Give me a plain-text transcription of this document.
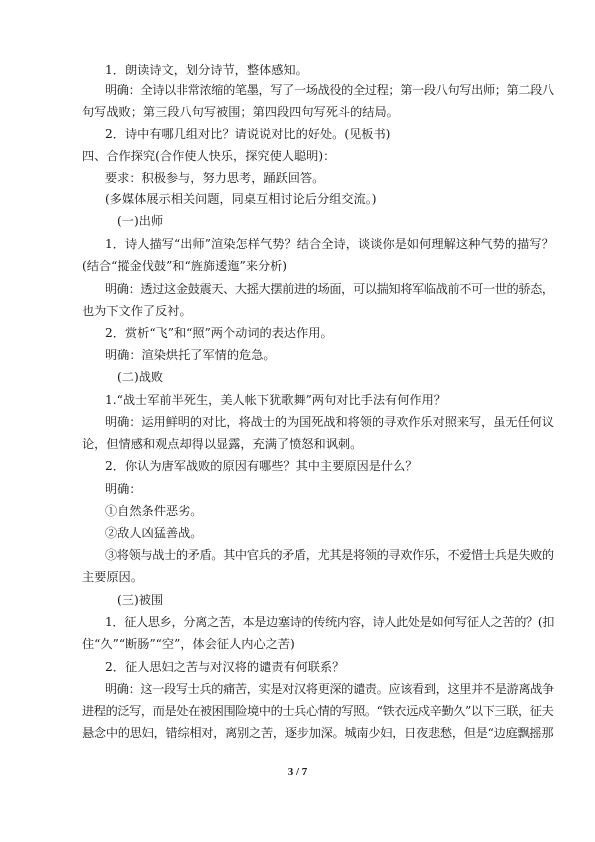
1．朗读诗文，划分诗节，整体感知。
明确：全诗以非常浓缩的笔墨，写了一场战役的全过程；第一段八句写出师；第二段八
句写战败；第三段八句写被围；第四段四句写死斗的结局。
2．诗中有哪几组对比？请说说对比的好处。(见板书)
四、合作探究(合作使人快乐，探究使人聪明)：
要求：积极参与，努力思考，踊跃回答。
(多媒体展示相关问题，同桌互相讨论后分组交流。)
(一)出师
1．诗人描写“出师”渲染怎样气势？结合全诗，谈谈你是如何理解这种气势的描写？
(结合“摐金伐鼓”和“旌旆逶迤”来分析)
明确：透过这金鼓震天、大摇大摆前进的场面，可以揣知将军临战前不可一世的骄态，
也为下文作了反衬。
2．赏析“飞”和“照”两个动词的表达作用。
明确：渲染烘托了军情的危急。
(二)战败
1.“战士军前半死生，美人帐下犹歌舞”两句对比手法有何作用？
明确：运用鲜明的对比，将战士的为国死战和将领的寻欢作乐对照来写，虽无任何议
论，但情感和观点却得以显露，充满了愤怒和讽刺。
2．你认为唐军战败的原因有哪些？其中主要原因是什么？
明确：
①自然条件恶劣。
②敌人凶猛善战。
③将领与战士的矛盾。其中官兵的矛盾，尤其是将领的寻欢作乐，不爱惜士兵是失败的
主要原因。
(三)被围
1．征人思乡，分离之苦，本是边塞诗的传统内容，诗人此处是如何写征人之苦的？(扣
住“久”“断肠”“空”，体会征人内心之苦)
2．征人思妇之苦与对汉将的谴责有何联系？
明确：这一段写士兵的痛苦，实是对汉将更深的谴责。应该看到，这里并不是游离战争
进程的泛写，而是处在被困围险境中的士兵心情的写照。“铁衣远戍辛勤久”以下三联，征夫
悬念中的思妇，错综相对，离别之苦，逐步加深。城南少妇，日夜悲愁，但是“边庭飘摇那
3 / 7
